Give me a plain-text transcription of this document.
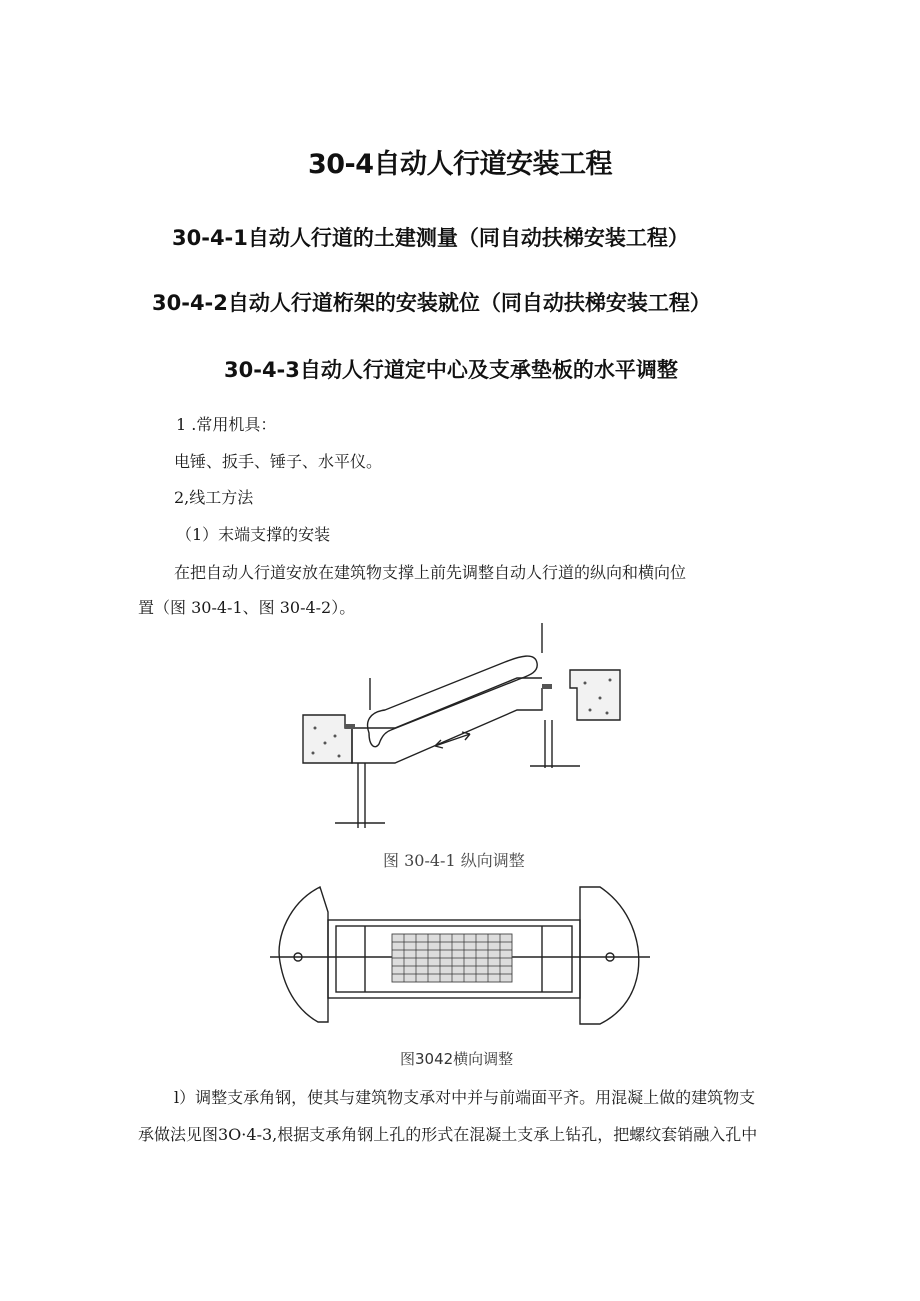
30-4自动人行道安装工程
30-4-1自动人行道的土建测量（同自动扶梯安装工程）
30-4-2自动人行道桁架的安装就位（同自动扶梯安装工程）
30-4-3自动人行道定中心及支承垫板的水平调整
1 .常用机具：
电锤、扳手、锤子、水平仪。
2,线工方法
（1）末端支撑的安装
在把自动人行道安放在建筑物支撑上前先调整自动人行道的纵向和横向位
置（图 30-4-1、图 30-4-2）。
图 30-4-1 纵向调整
图3042横向调整
l）调整支承角钢，使其与建筑物支承对中并与前端面平齐。用混凝上做的建筑物支
承做法见图3O·4-3,根据支承角钢上孔的形式在混凝土支承上钻孔，把螺纹套销融入孔中
